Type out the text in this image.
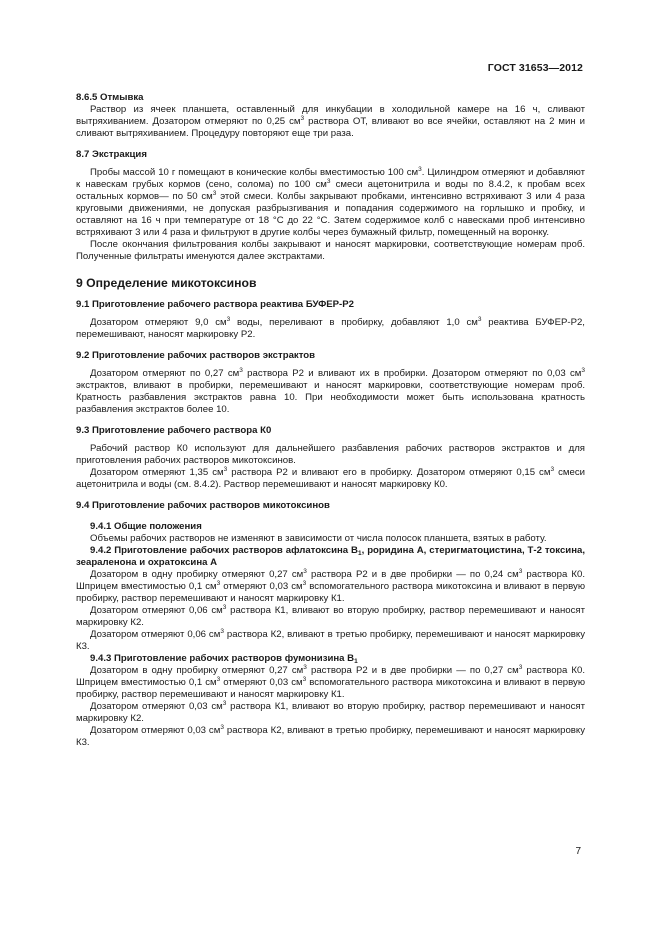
ГОСТ 31653—2012
8.6.5 Отмывка

Раствор из ячеек планшета, оставленный для инкубации в холодильной камере на 16 ч, сливают вытряхиванием. Дозатором отмеряют по 0,25 $см^3$ раствора ОТ, вливают во все ячейки, оставляют на 2 мин и сливают вытряхиванием. Процедуру повторяют еще три раза.

8.7 Экстракция

Пробы массой 10 г помещают в конические колбы вместимостью 100 $см^3$. Цилиндром отмеряют и добавляют к навескам грубых кормов (сено, солома) по 100 $см^3$ смеси ацетонитрила и воды по 8.4.2, к пробам всех остальных кормов— по 50 $см^3$ этой смеси. Колбы закрывают пробками, интенсивно встряхивают 3 или 4 раза круговыми движениями, не допуская разбрызгивания и попадания содержимого на горлышко и пробку, и оставляют на 16 ч при температуре от 18 °С до 22 °С. Затем содержимое колб с навесками проб интенсивно встряхивают 3 или 4 раза и фильтруют в другие колбы через бумажный фильтр, помещенный на воронку.

После окончания фильтрования колбы закрывают и наносят маркировки, соответствующие номерам проб. Полученные фильтраты именуются далее экстрактами.

9 Определение микотоксинов
9.1 Приготовление рабочего раствора реактива БУФЕР-Р2

Дозатором отмеряют 9,0 $см^3$ воды, переливают в пробирку, добавляют 1,0 $см^3$ реактива БУФЕР-Р2, перемешивают, наносят маркировку Р2.

9.2 Приготовление рабочих растворов экстрактов

Дозатором отмеряют по 0,27 $см^3$ раствора Р2 и вливают их в пробирки. Дозатором отмеряют по 0,03 $см^3$ экстрактов, вливают в пробирки, перемешивают и наносят маркировки, соответствующие номерам проб. Кратность разбавления экстрактов равна 10. При необходимости может быть использована кратность разбавления экстрактов более 10.

9.3 Приготовление рабочего раствора К0

Рабочий раствор К0 используют для дальнейшего разбавления рабочих растворов экстрактов и для приготовления рабочих растворов микотоксинов.

Дозатором отмеряют 1,35 $см^3$ раствора Р2 и вливают его в пробирку. Дозатором отмеряют 0,15 $см^3$ смеси ацетонитрила и воды (см. 8.4.2). Раствор перемешивают и наносят маркировку К0.

9.4 Приготовление рабочих растворов микотоксинов
9.4.1 Общие положения

Объемы рабочих растворов не изменяют в зависимости от числа полосок планшета, взятых в работу.

9.4.2 Приготовление рабочих растворов афлатоксина $В_1$, роридина А, стеригматоцистина, Т-2 токсина, зеараленона и охратоксина А

Дозатором в одну пробирку отмеряют 0,27 $см^3$ раствора Р2 и в две пробирки — по 0,24 $см^3$ раствора К0. Шприцем вместимостью 0,1 $см^3$ отмеряют 0,03 $см^3$ вспомогательного раствора микотоксина и вливают в первую пробирку, раствор перемешивают и наносят маркировку К1.

Дозатором отмеряют 0,06 $см^3$ раствора К1, вливают во вторую пробирку, раствор перемешивают и наносят маркировку К2.

Дозатором отмеряют 0,06 $см^3$ раствора К2, вливают в третью пробирку, перемешивают и наносят маркировку К3.

9.4.3 Приготовление рабочих растворов фумонизина $В_1$

Дозатором в одну пробирку отмеряют 0,27 $см^3$ раствора Р2 и в две пробирки — по 0,27 $см^3$ раствора К0. Шприцем вместимостью 0,1 $см^3$ отмеряют 0,03 $см^3$ вспомогательного раствора микотоксина и вливают в первую пробирку, раствор перемешивают и наносят маркировку К1.

Дозатором отмеряют 0,03 $см^3$ раствора К1, вливают во вторую пробирку, раствор перемешивают и наносят маркировку К2.

Дозатором отмеряют 0,03 $см^3$ раствора К2, вливают в третью пробирку, перемешивают и наносят маркировку К3.

7
